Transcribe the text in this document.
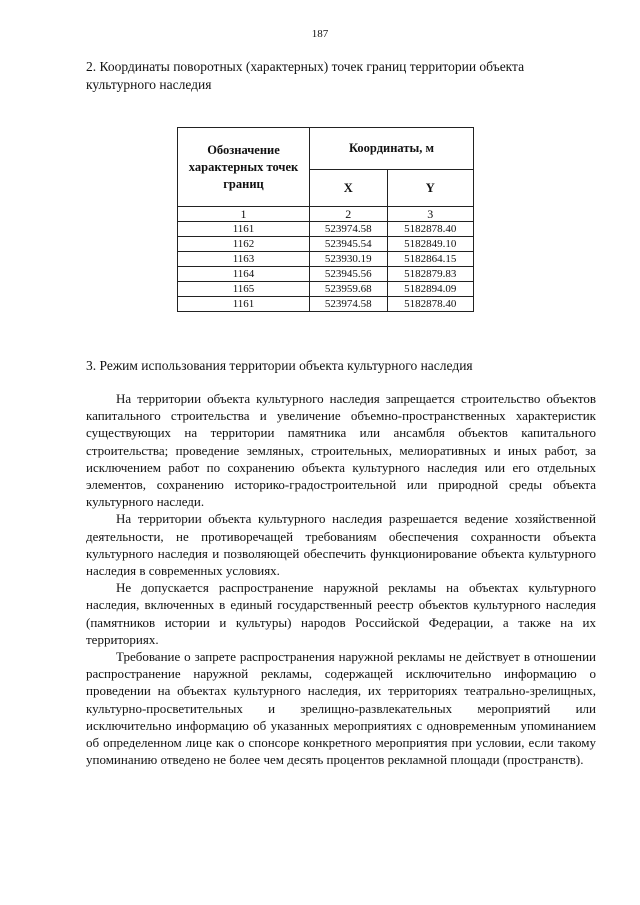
187
2. Координаты поворотных (характерных) точек границ территории объекта культурного наследия
Обозначение характерных точек границ	Координаты, м	
	X	Y
1	2	3
1161	523974.58	5182878.40
1162	523945.54	5182849.10
1163	523930.19	5182864.15
1164	523945.56	5182879.83
1165	523959.68	5182894.09
1161	523974.58	5182878.40
3. Режим использования территории объекта культурного наследия

На территории объекта культурного наследия запрещается строительство объектов капитального строительства и увеличение объемно-пространственных характеристик существующих на территории памятника или ансамбля объектов капитального строительства; проведение земляных, строительных, мелиоративных и иных работ, за исключением работ по сохранению объекта культурного наследия или его отдельных элементов, сохранению историко-градостроительной или природной среды объекта культурного наследи.

На территории объекта культурного наследия разрешается ведение хозяйственной деятельности, не противоречащей требованиям обеспечения сохранности объекта культурного наследия и позволяющей обеспечить функционирование объекта культурного наследия в современных условиях.

Не допускается распространение наружной рекламы на объектах культурного наследия, включенных в единый государственный реестр объектов культурного наследия (памятников истории и культуры) народов Российской Федерации, а также на их территориях.

Требование о запрете распространения наружной рекламы не действует в отношении распространение наружной рекламы, содержащей исключительно информацию о проведении на объектах культурного наследия, их территориях театрально-зрелищных, культурно-просветительных и зрелищно-развлекательных мероприятий или исключительно информацию об указанных мероприятиях с одновременным упоминанием об определенном лице как о спонсоре конкретного мероприятия при условии, если такому упоминанию отведено не более чем десять процентов рекламной площади (пространств).
